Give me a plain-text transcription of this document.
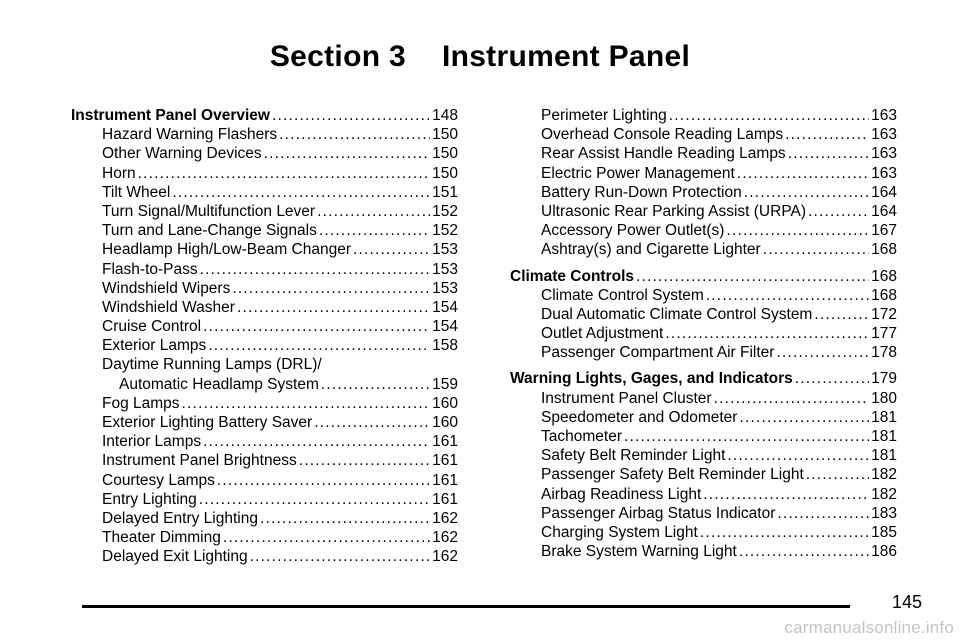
Section 3 Instrument Panel
Instrument Panel Overview .....	148
Hazard Warning Flashers .....	150
Other Warning Devices .....	150
Horn .....	150
Tilt Wheel .....	151
Turn Signal/Multifunction Lever .....	152
Turn and Lane-Change Signals .....	152
Headlamp High/Low-Beam Changer .....	153
Flash-to-Pass .....	153
Windshield Wipers .....	153
Windshield Washer .....	154
Cruise Control .....	154
Exterior Lamps .....	158
Daytime Running Lamps (DRL)/
Automatic Headlamp System .....	159
Fog Lamps .....	160
Exterior Lighting Battery Saver .....	160
Interior Lamps .....	161
Instrument Panel Brightness .....	161
Courtesy Lamps .....	161
Entry Lighting .....	161
Delayed Entry Lighting .....	162
Theater Dimming .....	162
Delayed Exit Lighting .....	162
Perimeter Lighting .....	163
Overhead Console Reading Lamps .....	163
Rear Assist Handle Reading Lamps .....	163
Electric Power Management .....	163
Battery Run-Down Protection .....	164
Ultrasonic Rear Parking Assist (URPA) .....	164
Accessory Power Outlet(s) .....	167
Ashtray(s) and Cigarette Lighter .....	168
Climate Controls .....	168
Climate Control System .....	168
Dual Automatic Climate Control System .....	172
Outlet Adjustment .....	177
Passenger Compartment Air Filter .....	178
Warning Lights, Gages, and Indicators .....	179
Instrument Panel Cluster .....	180
Speedometer and Odometer .....	181
Tachometer .....	181
Safety Belt Reminder Light .....	181
Passenger Safety Belt Reminder Light .....	182
Airbag Readiness Light .....	182
Passenger Airbag Status Indicator .....	183
Charging System Light .....	185
Brake System Warning Light .....	186
145
carmanualsonline.info
